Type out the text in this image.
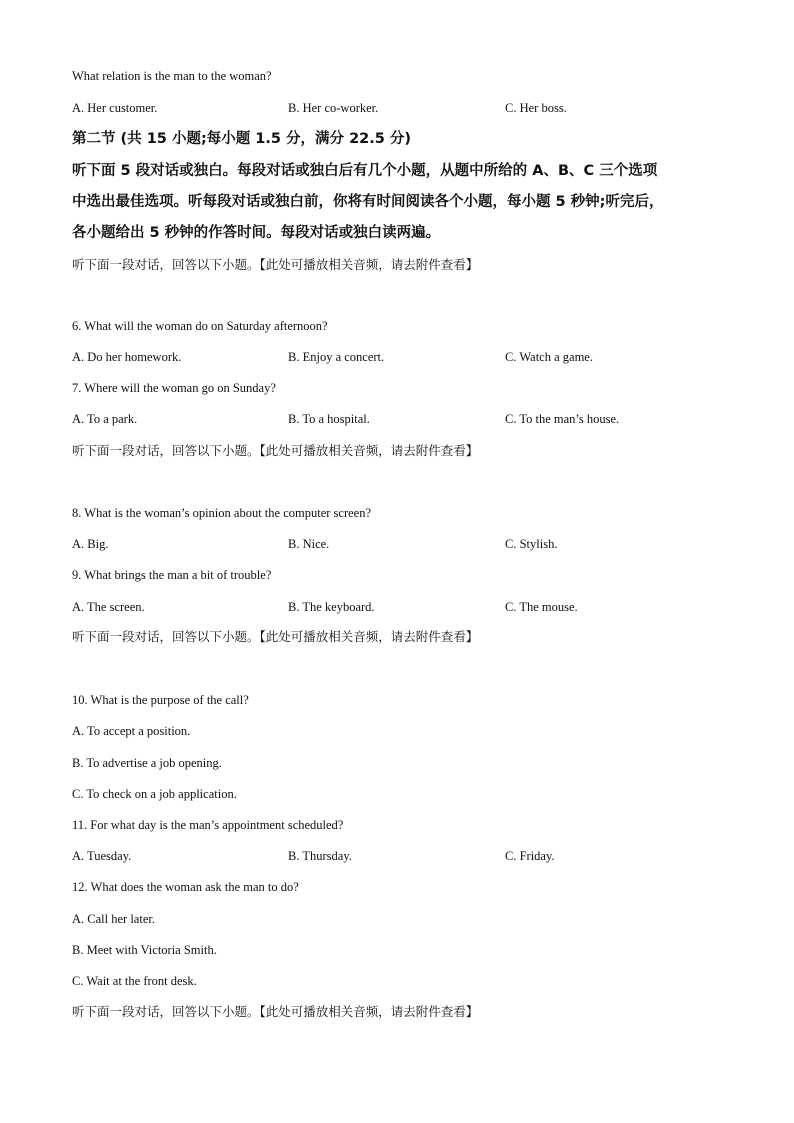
What relation is the man to the woman?
A. Her customer.	B. Her co-worker.	C. Her boss.
第二节 (共 15 小题;每小题 1.5 分，满分 22.5 分)
听下面 5 段对话或独白。每段对话或独白后有几个小题，从题中所给的 A、B、C 三个选项
中选出最佳选项。听每段对话或独白前，你将有时间阅读各个小题，每小题 5 秒钟;听完后，
各小题给出 5 秒钟的作答时间。每段对话或独白读两遍。
听下面一段对话，回答以下小题。【此处可播放相关音频，请去附件查看】
6. What will the woman do on Saturday afternoon?
A. Do her homework.	B. Enjoy a concert.	C. Watch a game.
7. Where will the woman go on Sunday?
A. To a park.	B. To a hospital.	C. To the man’s house.
听下面一段对话，回答以下小题。【此处可播放相关音频，请去附件查看】
8. What is the woman’s opinion about the computer screen?
A. Big.	B. Nice.	C. Stylish.
9. What brings the man a bit of trouble?
A. The screen.	B. The keyboard.	C. The mouse.
听下面一段对话，回答以下小题。【此处可播放相关音频，请去附件查看】
10. What is the purpose of the call?
A. To accept a position.
B. To advertise a job opening.
C. To check on a job application.
11. For what day is the man’s appointment scheduled?
A. Tuesday.	B. Thursday.	C. Friday.
12. What does the woman ask the man to do?
A. Call her later.
B. Meet with Victoria Smith.
C. Wait at the front desk.
听下面一段对话，回答以下小题。【此处可播放相关音频，请去附件查看】
